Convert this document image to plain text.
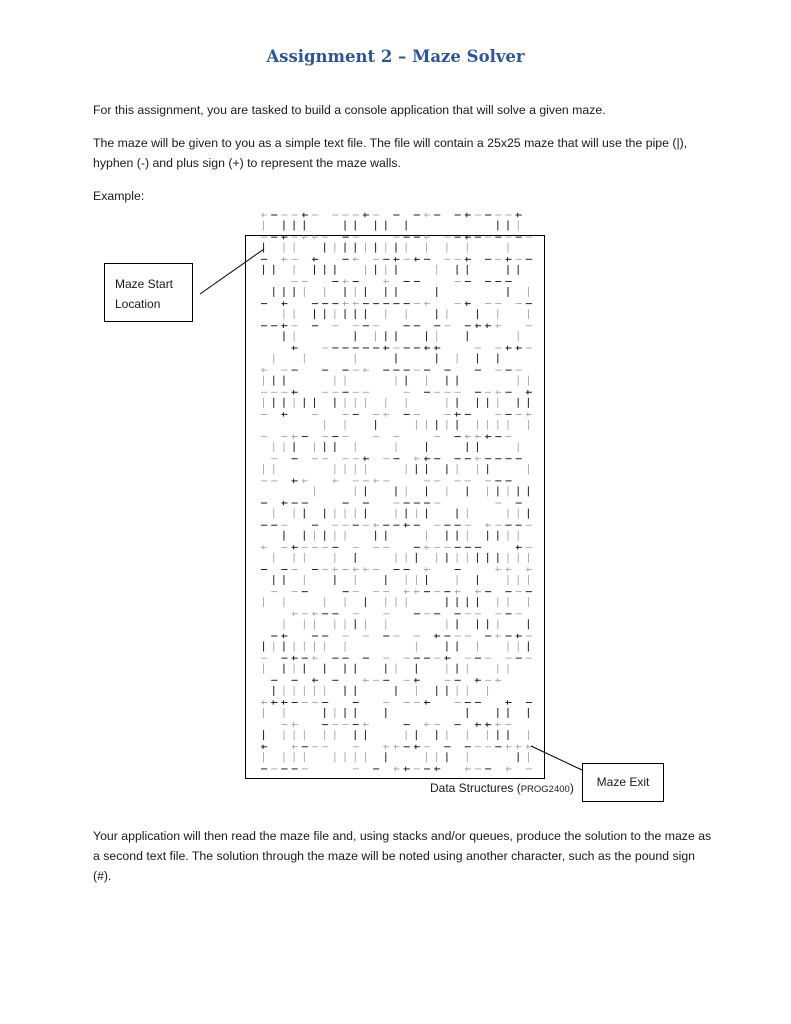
Assignment 2 – Maze Solver

For this assignment, you are tasked to build a console application that will solve a given maze.

The maze will be given to you as a simple text file. The file will contain a 25x25 maze that will use the pipe (|), hyphen (-) and plus sign (+) to represent the maze walls.

Example:

Maze Start
Location
Maze Exit
Data Structures (PROG2400)

Your application will then read the maze file and, using stacks and/or queues, produce the solution to the maze as a second text file. The solution through the maze will be noted using another character, such as the pound sign (#).
